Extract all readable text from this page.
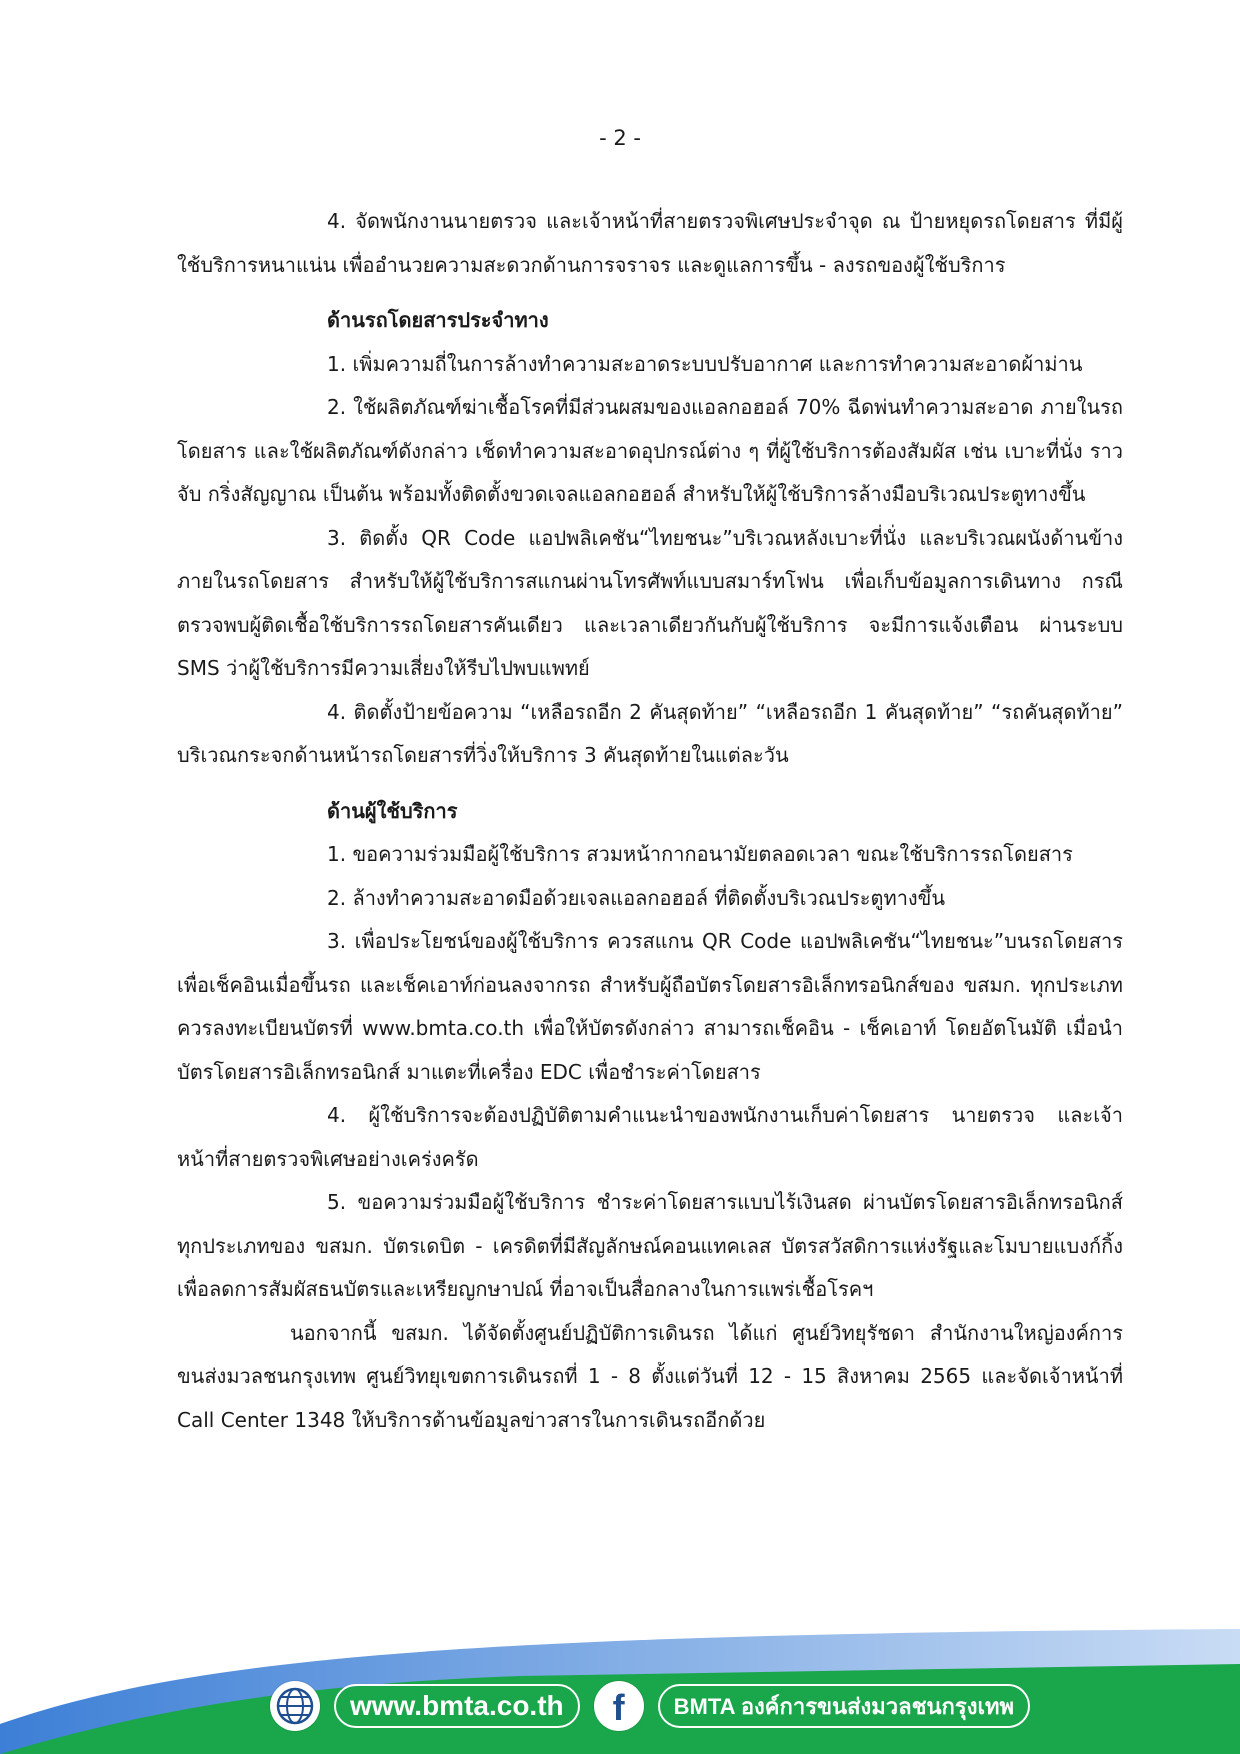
- 2 -

4. จัดพนักงานนายตรวจ และเจ้าหน้าที่สายตรวจพิเศษประจำจุด ณ ป้ายหยุดรถโดยสาร ที่มีผู้ใช้บริการหนาแน่น เพื่ออำนวยความสะดวกด้านการจราจร และดูแลการขึ้น - ลงรถของผู้ใช้บริการ

ด้านรถโดยสารประจำทาง

1. เพิ่มความถี่ในการล้างทำความสะอาดระบบปรับอากาศ และการทำความสะอาดผ้าม่าน

2. ใช้ผลิตภัณฑ์ฆ่าเชื้อโรคที่มีส่วนผสมของแอลกอฮอล์ 70% ฉีดพ่นทำความสะอาด ภายในรถโดยสาร และใช้ผลิตภัณฑ์ดังกล่าว เช็ดทำความสะอาดอุปกรณ์ต่าง ๆ ที่ผู้ใช้บริการต้องสัมผัส เช่น เบาะที่นั่ง ราวจับ กริ่งสัญญาณ เป็นต้น พร้อมทั้งติดตั้งขวดเจลแอลกอฮอล์ สำหรับให้ผู้ใช้บริการล้างมือบริเวณประตูทางขึ้น

3. ติดตั้ง QR Code แอปพลิเคชัน“ไทยชนะ”บริเวณหลังเบาะที่นั่ง และบริเวณผนังด้านข้าง ภายในรถโดยสาร สำหรับให้ผู้ใช้บริการสแกนผ่านโทรศัพท์แบบสมาร์ทโฟน เพื่อเก็บข้อมูลการเดินทาง กรณีตรวจพบผู้ติดเชื้อใช้บริการรถโดยสารคันเดียว และเวลาเดียวกันกับผู้ใช้บริการ จะมีการแจ้งเตือน ผ่านระบบ SMS ว่าผู้ใช้บริการมีความเสี่ยงให้รีบไปพบแพทย์

4. ติดตั้งป้ายข้อความ “เหลือรถอีก 2 คันสุดท้าย” “เหลือรถอีก 1 คันสุดท้าย” “รถคันสุดท้าย” บริเวณกระจกด้านหน้ารถโดยสารที่วิ่งให้บริการ 3 คันสุดท้ายในแต่ละวัน

ด้านผู้ใช้บริการ

1. ขอความร่วมมือผู้ใช้บริการ สวมหน้ากากอนามัยตลอดเวลา ขณะใช้บริการรถโดยสาร

2. ล้างทำความสะอาดมือด้วยเจลแอลกอฮอล์ ที่ติดตั้งบริเวณประตูทางขึ้น

3. เพื่อประโยชน์ของผู้ใช้บริการ ควรสแกน QR Code แอปพลิเคชัน“ไทยชนะ”บนรถโดยสาร เพื่อเช็คอินเมื่อขึ้นรถ และเช็คเอาท์ก่อนลงจากรถ สำหรับผู้ถือบัตรโดยสารอิเล็กทรอนิกส์ของ ขสมก. ทุกประเภท ควรลงทะเบียนบัตรที่ www.bmta.co.th เพื่อให้บัตรดังกล่าว สามารถเช็คอิน - เช็คเอาท์ โดยอัตโนมัติ เมื่อนำบัตรโดยสารอิเล็กทรอนิกส์ มาแตะที่เครื่อง EDC เพื่อชำระค่าโดยสาร

4. ผู้ใช้บริการจะต้องปฏิบัติตามคำแนะนำของพนักงานเก็บค่าโดยสาร นายตรวจ และเจ้าหน้าที่สายตรวจพิเศษอย่างเคร่งครัด

5. ขอความร่วมมือผู้ใช้บริการ ชำระค่าโดยสารแบบไร้เงินสด ผ่านบัตรโดยสารอิเล็กทรอนิกส์ ทุกประเภทของ ขสมก. บัตรเดบิต - เครดิตที่มีสัญลักษณ์คอนแทคเลส บัตรสวัสดิการแห่งรัฐและโมบายแบงก์กิ้ง เพื่อลดการสัมผัสธนบัตรและเหรียญกษาปณ์ ที่อาจเป็นสื่อกลางในการแพร่เชื้อโรคฯ

นอกจากนี้ ขสมก. ได้จัดตั้งศูนย์ปฏิบัติการเดินรถ ได้แก่ ศูนย์วิทยุรัชดา สำนักงานใหญ่องค์การ ขนส่งมวลชนกรุงเทพ ศูนย์วิทยุเขตการเดินรถที่ 1 - 8 ตั้งแต่วันที่ 12 - 15 สิงหาคม 2565 และจัดเจ้าหน้าที่ Call Center 1348 ให้บริการด้านข้อมูลข่าวสารในการเดินรถอีกด้วย

www.bmta.co.th	f	BMTA องค์การขนส่งมวลชนกรุงเทพ
